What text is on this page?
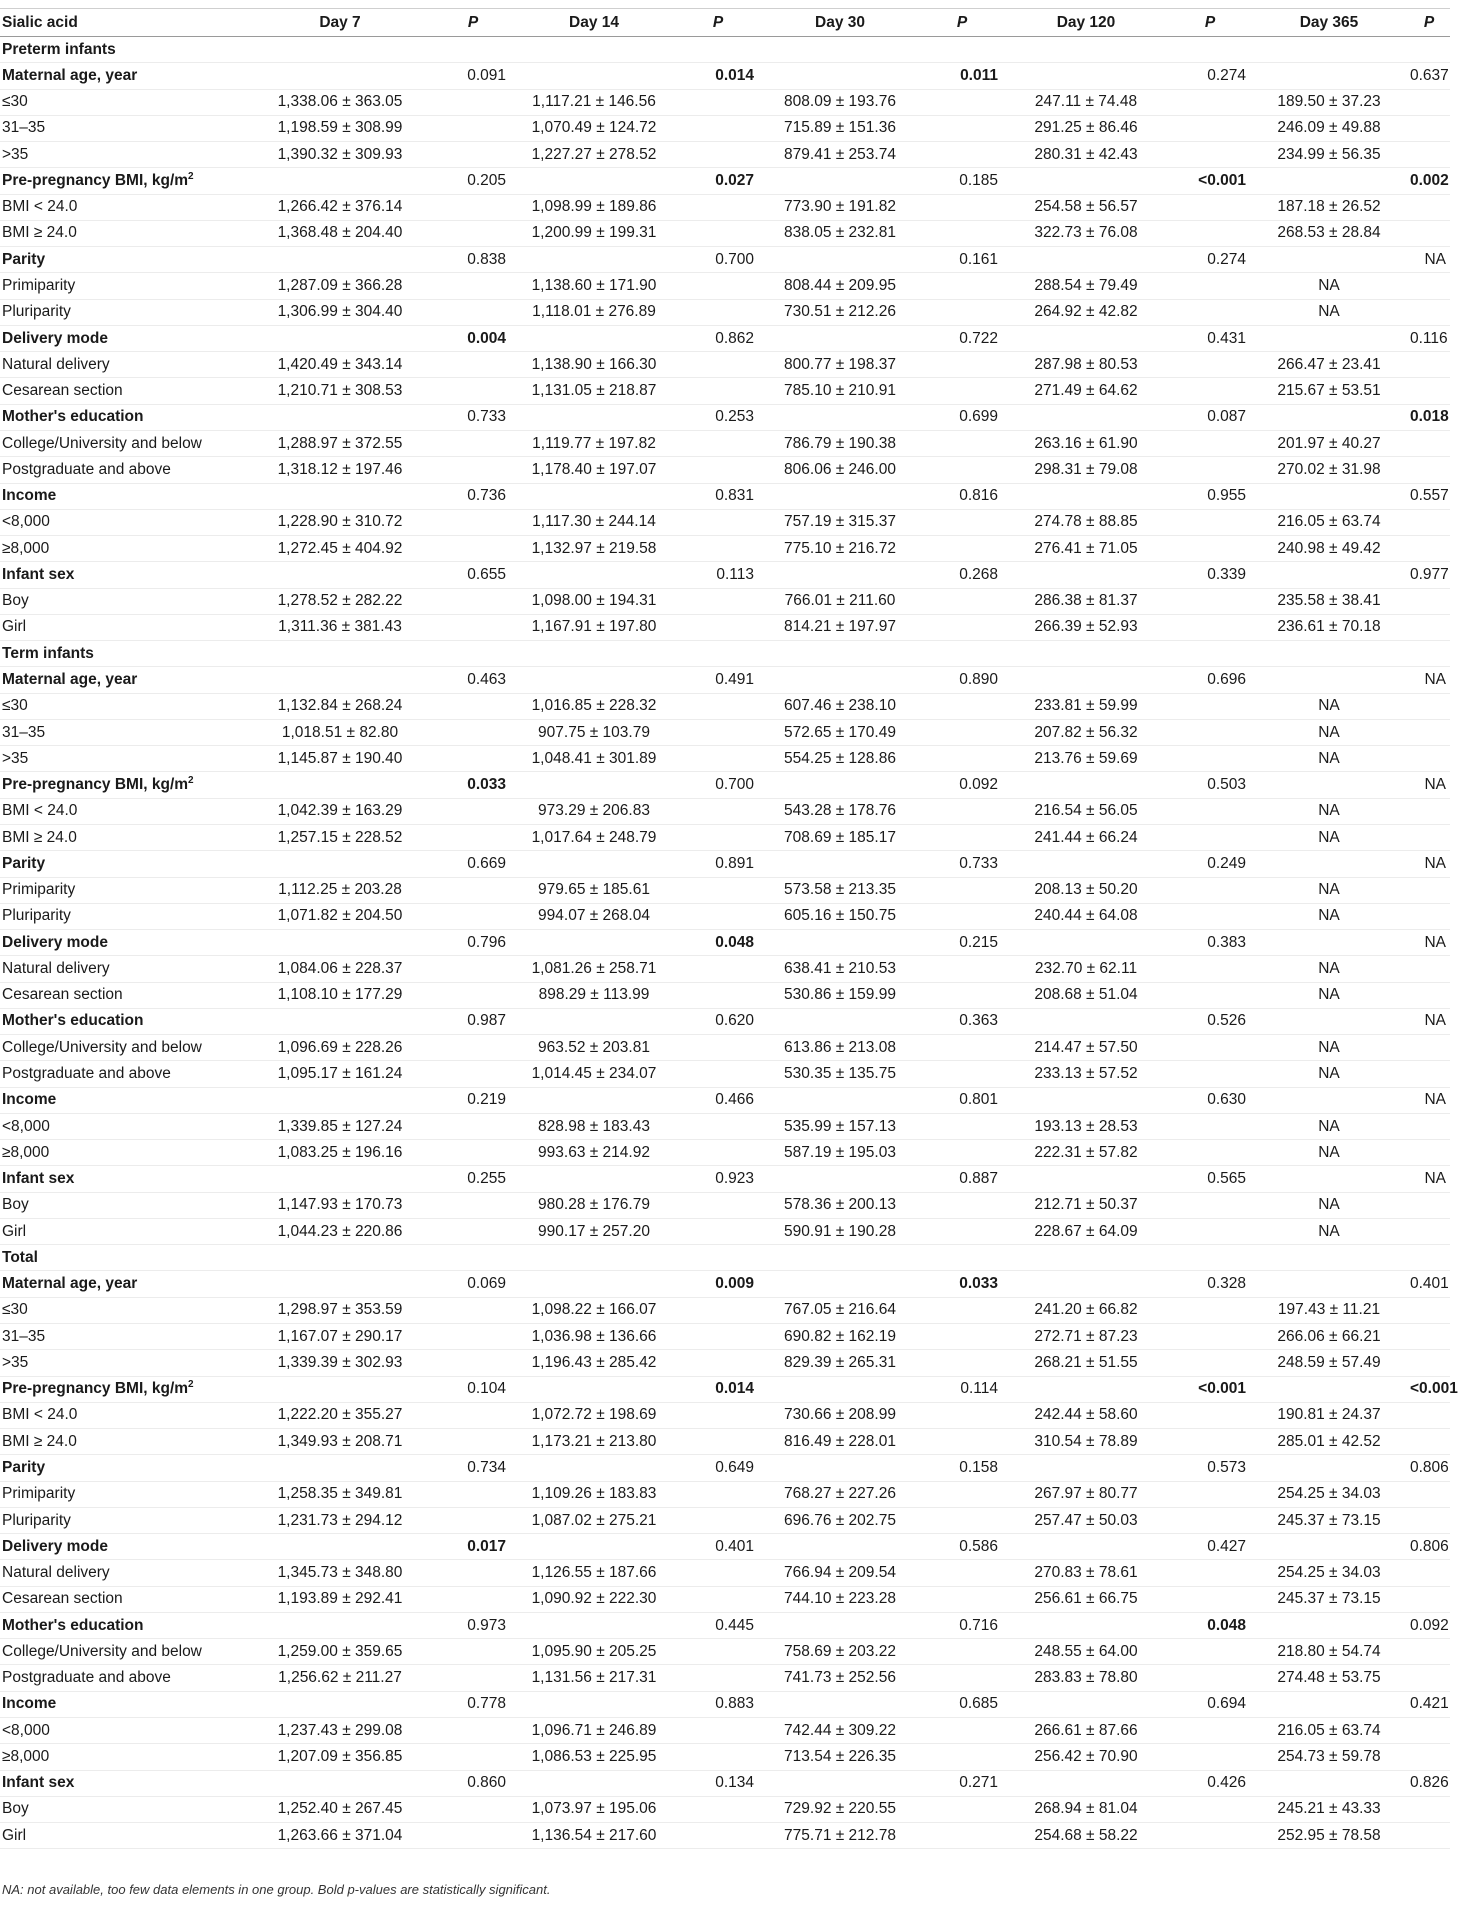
Sialic acid	Day 7	P	Day 14	P	Day 30	P	Day 120	P	Day 365	P
Preterm infants										
Maternal age, year		0.091		0.014		0.011		0.274		0.637
≤30	1,338.06 ± 363.05		1,117.21 ± 146.56		808.09 ± 193.76		247.11 ± 74.48		189.50 ± 37.23	
31–35	1,198.59 ± 308.99		1,070.49 ± 124.72		715.89 ± 151.36		291.25 ± 86.46		246.09 ± 49.88	
>35	1,390.32 ± 309.93		1,227.27 ± 278.52		879.41 ± 253.74		280.31 ± 42.43		234.99 ± 56.35	
Pre-pregnancy BMI, $kg/m^2$		0.205		0.027		0.185		<0.001		0.002
BMI < 24.0	1,266.42 ± 376.14		1,098.99 ± 189.86		773.90 ± 191.82		254.58 ± 56.57		187.18 ± 26.52	
BMI ≥ 24.0	1,368.48 ± 204.40		1,200.99 ± 199.31		838.05 ± 232.81		322.73 ± 76.08		268.53 ± 28.84	
Parity		0.838		0.700		0.161		0.274		NA
Primiparity	1,287.09 ± 366.28		1,138.60 ± 171.90		808.44 ± 209.95		288.54 ± 79.49		NA	
Pluriparity	1,306.99 ± 304.40		1,118.01 ± 276.89		730.51 ± 212.26		264.92 ± 42.82		NA	
Delivery mode		0.004		0.862		0.722		0.431		0.116
Natural delivery	1,420.49 ± 343.14		1,138.90 ± 166.30		800.77 ± 198.37		287.98 ± 80.53		266.47 ± 23.41	
Cesarean section	1,210.71 ± 308.53		1,131.05 ± 218.87		785.10 ± 210.91		271.49 ± 64.62		215.67 ± 53.51	
Mother's education		0.733		0.253		0.699		0.087		0.018
College/University and below	1,288.97 ± 372.55		1,119.77 ± 197.82		786.79 ± 190.38		263.16 ± 61.90		201.97 ± 40.27	
Postgraduate and above	1,318.12 ± 197.46		1,178.40 ± 197.07		806.06 ± 246.00		298.31 ± 79.08		270.02 ± 31.98	
Income		0.736		0.831		0.816		0.955		0.557
<8,000	1,228.90 ± 310.72		1,117.30 ± 244.14		757.19 ± 315.37		274.78 ± 88.85		216.05 ± 63.74	
≥8,000	1,272.45 ± 404.92		1,132.97 ± 219.58		775.10 ± 216.72		276.41 ± 71.05		240.98 ± 49.42	
Infant sex		0.655		0.113		0.268		0.339		0.977
Boy	1,278.52 ± 282.22		1,098.00 ± 194.31		766.01 ± 211.60		286.38 ± 81.37		235.58 ± 38.41	
Girl	1,311.36 ± 381.43		1,167.91 ± 197.80		814.21 ± 197.97		266.39 ± 52.93		236.61 ± 70.18	
Term infants										
Maternal age, year		0.463		0.491		0.890		0.696		NA
≤30	1,132.84 ± 268.24		1,016.85 ± 228.32		607.46 ± 238.10		233.81 ± 59.99		NA	
31–35	1,018.51 ± 82.80		907.75 ± 103.79		572.65 ± 170.49		207.82 ± 56.32		NA	
>35	1,145.87 ± 190.40		1,048.41 ± 301.89		554.25 ± 128.86		213.76 ± 59.69		NA	
Pre-pregnancy BMI, $kg/m^2$		0.033		0.700		0.092		0.503		NA
BMI < 24.0	1,042.39 ± 163.29		973.29 ± 206.83		543.28 ± 178.76		216.54 ± 56.05		NA	
BMI ≥ 24.0	1,257.15 ± 228.52		1,017.64 ± 248.79		708.69 ± 185.17		241.44 ± 66.24		NA	
Parity		0.669		0.891		0.733		0.249		NA
Primiparity	1,112.25 ± 203.28		979.65 ± 185.61		573.58 ± 213.35		208.13 ± 50.20		NA	
Pluriparity	1,071.82 ± 204.50		994.07 ± 268.04		605.16 ± 150.75		240.44 ± 64.08		NA	
Delivery mode		0.796		0.048		0.215		0.383		NA
Natural delivery	1,084.06 ± 228.37		1,081.26 ± 258.71		638.41 ± 210.53		232.70 ± 62.11		NA	
Cesarean section	1,108.10 ± 177.29		898.29 ± 113.99		530.86 ± 159.99		208.68 ± 51.04		NA	
Mother's education		0.987		0.620		0.363		0.526		NA
College/University and below	1,096.69 ± 228.26		963.52 ± 203.81		613.86 ± 213.08		214.47 ± 57.50		NA	
Postgraduate and above	1,095.17 ± 161.24		1,014.45 ± 234.07		530.35 ± 135.75		233.13 ± 57.52		NA	
Income		0.219		0.466		0.801		0.630		NA
<8,000	1,339.85 ± 127.24		828.98 ± 183.43		535.99 ± 157.13		193.13 ± 28.53		NA	
≥8,000	1,083.25 ± 196.16		993.63 ± 214.92		587.19 ± 195.03		222.31 ± 57.82		NA	
Infant sex		0.255		0.923		0.887		0.565		NA
Boy	1,147.93 ± 170.73		980.28 ± 176.79		578.36 ± 200.13		212.71 ± 50.37		NA	
Girl	1,044.23 ± 220.86		990.17 ± 257.20		590.91 ± 190.28		228.67 ± 64.09		NA	
Total										
Maternal age, year		0.069		0.009		0.033		0.328		0.401
≤30	1,298.97 ± 353.59		1,098.22 ± 166.07		767.05 ± 216.64		241.20 ± 66.82		197.43 ± 11.21	
31–35	1,167.07 ± 290.17		1,036.98 ± 136.66		690.82 ± 162.19		272.71 ± 87.23		266.06 ± 66.21	
>35	1,339.39 ± 302.93		1,196.43 ± 285.42		829.39 ± 265.31		268.21 ± 51.55		248.59 ± 57.49	
Pre-pregnancy BMI, $kg/m^2$		0.104		0.014		0.114		<0.001		<0.001
BMI < 24.0	1,222.20 ± 355.27		1,072.72 ± 198.69		730.66 ± 208.99		242.44 ± 58.60		190.81 ± 24.37	
BMI ≥ 24.0	1,349.93 ± 208.71		1,173.21 ± 213.80		816.49 ± 228.01		310.54 ± 78.89		285.01 ± 42.52	
Parity		0.734		0.649		0.158		0.573		0.806
Primiparity	1,258.35 ± 349.81		1,109.26 ± 183.83		768.27 ± 227.26		267.97 ± 80.77		254.25 ± 34.03	
Pluriparity	1,231.73 ± 294.12		1,087.02 ± 275.21		696.76 ± 202.75		257.47 ± 50.03		245.37 ± 73.15	
Delivery mode		0.017		0.401		0.586		0.427		0.806
Natural delivery	1,345.73 ± 348.80		1,126.55 ± 187.66		766.94 ± 209.54		270.83 ± 78.61		254.25 ± 34.03	
Cesarean section	1,193.89 ± 292.41		1,090.92 ± 222.30		744.10 ± 223.28		256.61 ± 66.75		245.37 ± 73.15	
Mother's education		0.973		0.445		0.716		0.048		0.092
College/University and below	1,259.00 ± 359.65		1,095.90 ± 205.25		758.69 ± 203.22		248.55 ± 64.00		218.80 ± 54.74	
Postgraduate and above	1,256.62 ± 211.27		1,131.56 ± 217.31		741.73 ± 252.56		283.83 ± 78.80		274.48 ± 53.75	
Income		0.778		0.883		0.685		0.694		0.421
<8,000	1,237.43 ± 299.08		1,096.71 ± 246.89		742.44 ± 309.22		266.61 ± 87.66		216.05 ± 63.74	
≥8,000	1,207.09 ± 356.85		1,086.53 ± 225.95		713.54 ± 226.35		256.42 ± 70.90		254.73 ± 59.78	
Infant sex		0.860		0.134		0.271		0.426		0.826
Boy	1,252.40 ± 267.45		1,073.97 ± 195.06		729.92 ± 220.55		268.94 ± 81.04		245.21 ± 43.33	
Girl	1,263.66 ± 371.04		1,136.54 ± 217.60		775.71 ± 212.78		254.68 ± 58.22		252.95 ± 78.58	
NA: not available, too few data elements in one group. Bold p-values are statistically significant.
